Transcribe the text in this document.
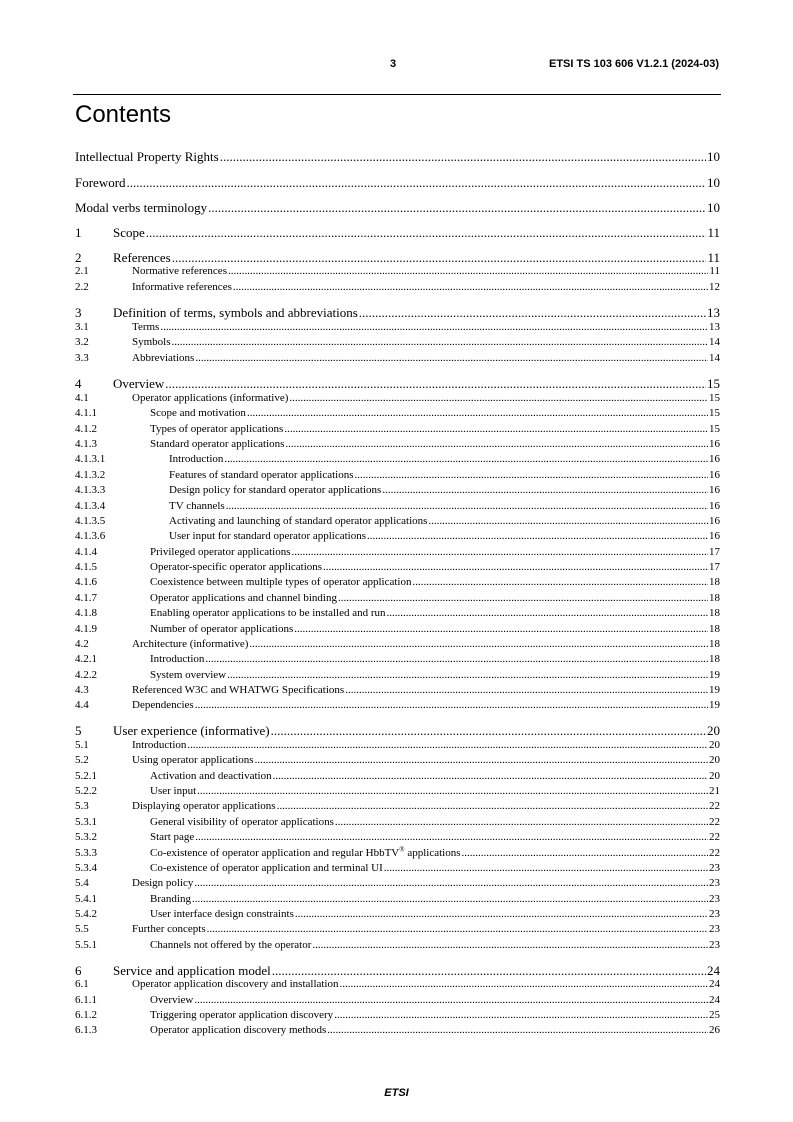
3	ETSI TS 103 606 V1.2.1 (2024-03)
Contents
Intellectual Property Rights .....	10
Foreword .....	10
Modal verbs terminology .....	10
1	Scope .....	11
2	References .....	11
2.1	Normative references .....	11
2.2	Informative references .....	12
3	Definition of terms, symbols and abbreviations .....	13
3.1	Terms .....	13
3.2	Symbols .....	14
3.3	Abbreviations .....	14
4	Overview .....	15
4.1	Operator applications (informative) .....	15
4.1.1	Scope and motivation .....	15
4.1.2	Types of operator applications .....	15
4.1.3	Standard operator applications .....	16
4.1.3.1	Introduction .....	16
4.1.3.2	Features of standard operator applications .....	16
4.1.3.3	Design policy for standard operator applications .....	16
4.1.3.4	TV channels .....	16
4.1.3.5	Activating and launching of standard operator applications .....	16
4.1.3.6	User input for standard operator applications .....	16
4.1.4	Privileged operator applications .....	17
4.1.5	Operator-specific operator applications .....	17
4.1.6	Coexistence between multiple types of operator application .....	18
4.1.7	Operator applications and channel binding .....	18
4.1.8	Enabling operator applications to be installed and run .....	18
4.1.9	Number of operator applications .....	18
4.2	Architecture (informative) .....	18
4.2.1	Introduction .....	18
4.2.2	System overview .....	19
4.3	Referenced W3C and WHATWG Specifications .....	19
4.4	Dependencies .....	19
5	User experience (informative) .....	20
5.1	Introduction .....	20
5.2	Using operator applications .....	20
5.2.1	Activation and deactivation .....	20
5.2.2	User input .....	21
5.3	Displaying operator applications .....	22
5.3.1	General visibility of operator applications .....	22
5.3.2	Start page .....	22
5.3.3	Co-existence of operator application and regular HbbTV® applications .....	22
5.3.4	Co-existence of operator application and terminal UI .....	23
5.4	Design policy .....	23
5.4.1	Branding .....	23
5.4.2	User interface design constraints .....	23
5.5	Further concepts .....	23
5.5.1	Channels not offered by the operator .....	23
6	Service and application model .....	24
6.1	Operator application discovery and installation .....	24
6.1.1	Overview .....	24
6.1.2	Triggering operator application discovery .....	25
6.1.3	Operator application discovery methods .....	26
ETSI
